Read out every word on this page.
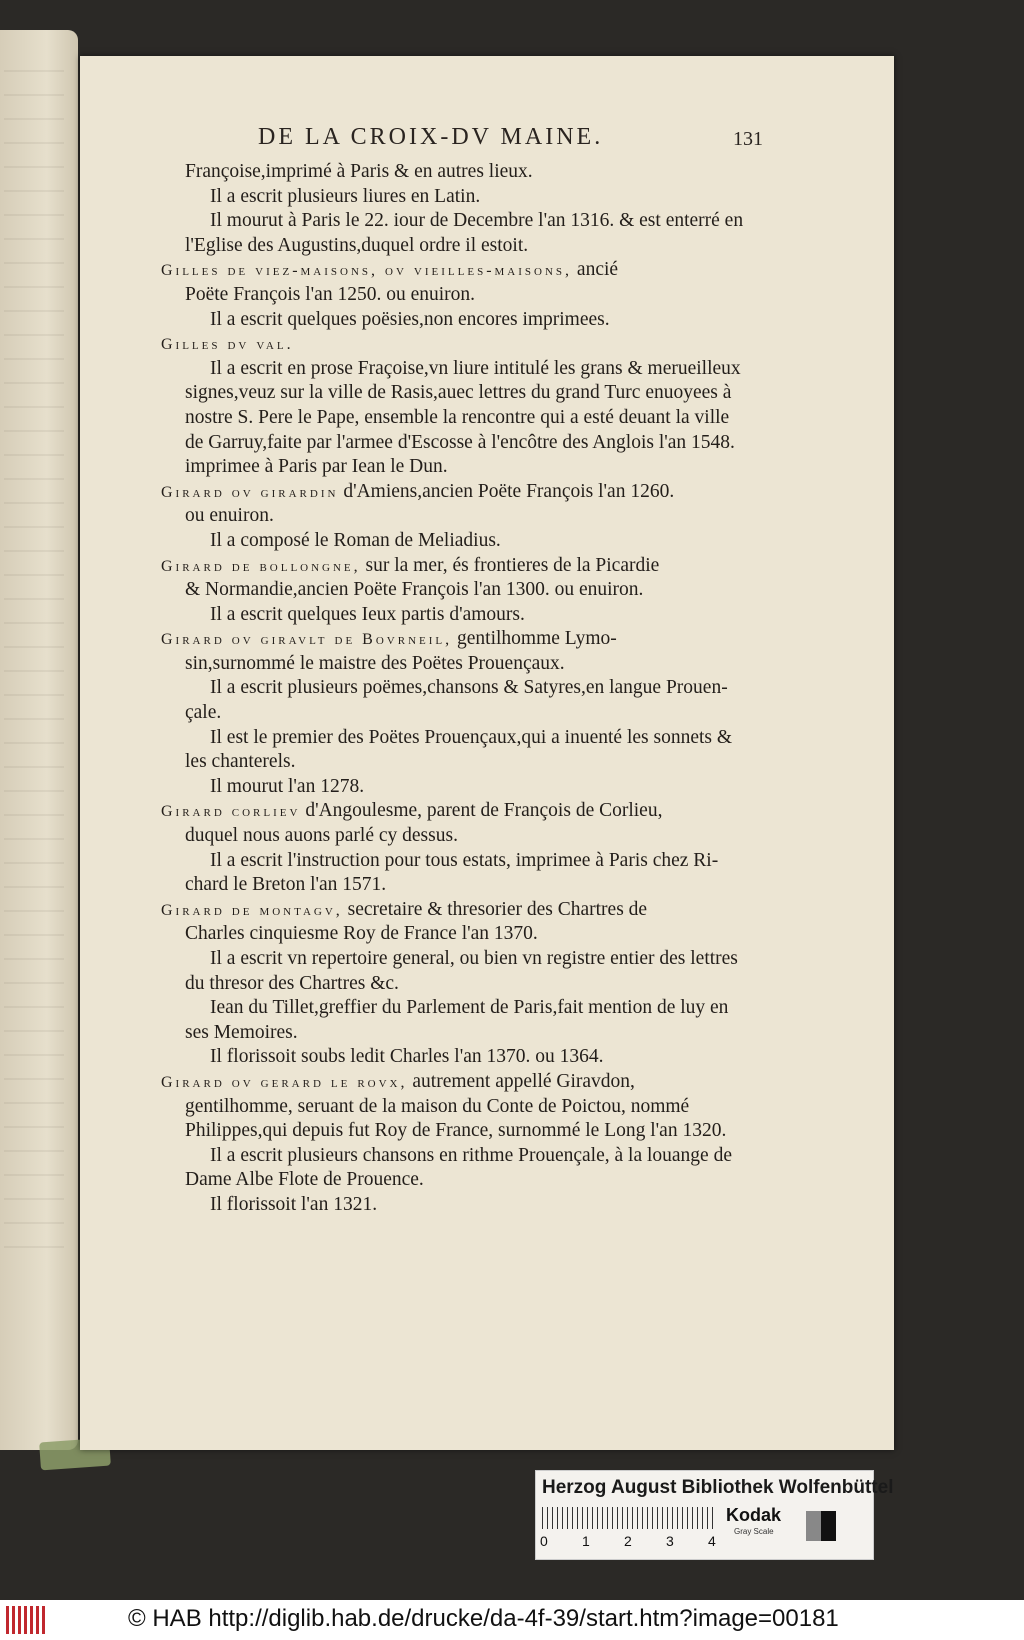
DE LA CROIX-DV MAINE.	131
Françoise,imprimé à Paris & en autres lieux.
Il a escrit plusieurs liures en Latin.
Il mourut à Paris le 22. iour de Decembre l'an 1316. & est enterré en
l'Eglise des Augustins,duquel ordre il estoit.
Gilles de viez-maisons, ov vieilles-maisons, ancié
Poëte François l'an 1250. ou enuiron.
Il a escrit quelques poësies,non encores imprimees.
Gilles dv val.
Il a escrit en prose Fraçoise,vn liure intitulé les grans & merueilleux
signes,veuz sur la ville de Rasis,auec lettres du grand Turc enuoyees à
nostre S. Pere le Pape, ensemble la rencontre qui a esté deuant la ville
de Garruy,faite par l'armee d'Escosse à l'encôtre des Anglois l'an 1548.
imprimee à Paris par Iean le Dun.
Girard ov girardin d'Amiens,ancien Poëte François l'an 1260.
ou enuiron.
Il a composé le Roman de Meliadius.
Girard de bollongne, sur la mer, és frontieres de la Picardie
& Normandie,ancien Poëte François l'an 1300. ou enuiron.
Il a escrit quelques Ieux partis d'amours.
Girard ov giravlt de Bovrneil, gentilhomme Lymo-
sin,surnommé le maistre des Poëtes Prouençaux.
Il a escrit plusieurs poëmes,chansons & Satyres,en langue Prouen-
çale.
Il est le premier des Poëtes Prouençaux,qui a inuenté les sonnets &
les chanterels.
Il mourut l'an 1278.
Girard corliev d'Angoulesme, parent de François de Corlieu,
duquel nous auons parlé cy dessus.
Il a escrit l'instruction pour tous estats, imprimee à Paris chez Ri-
chard le Breton l'an 1571.
Girard de montagv, secretaire & thresorier des Chartres de
Charles cinquiesme Roy de France l'an 1370.
Il a escrit vn repertoire general, ou bien vn registre entier des lettres
du thresor des Chartres &c.
Iean du Tillet,greffier du Parlement de Paris,fait mention de luy en
ses Memoires.
Il florissoit soubs ledit Charles l'an 1370. ou 1364.
Girard ov gerard le rovx, autrement appellé Giravdon,
gentilhomme, seruant de la maison du Conte de Poictou, nommé
Philippes,qui depuis fut Roy de France, surnommé le Long l'an 1320.
Il a escrit plusieurs chansons en rithme Prouençale, à la louange de
Dame Albe Flote de Prouence.
Il florissoit l'an 1321.
Herzog August Bibliothek Wolfenbüttel
0 1 2 3 4
Kodak
Gray Scale
© HAB http://diglib.hab.de/drucke/da-4f-39/start.htm?image=00181
